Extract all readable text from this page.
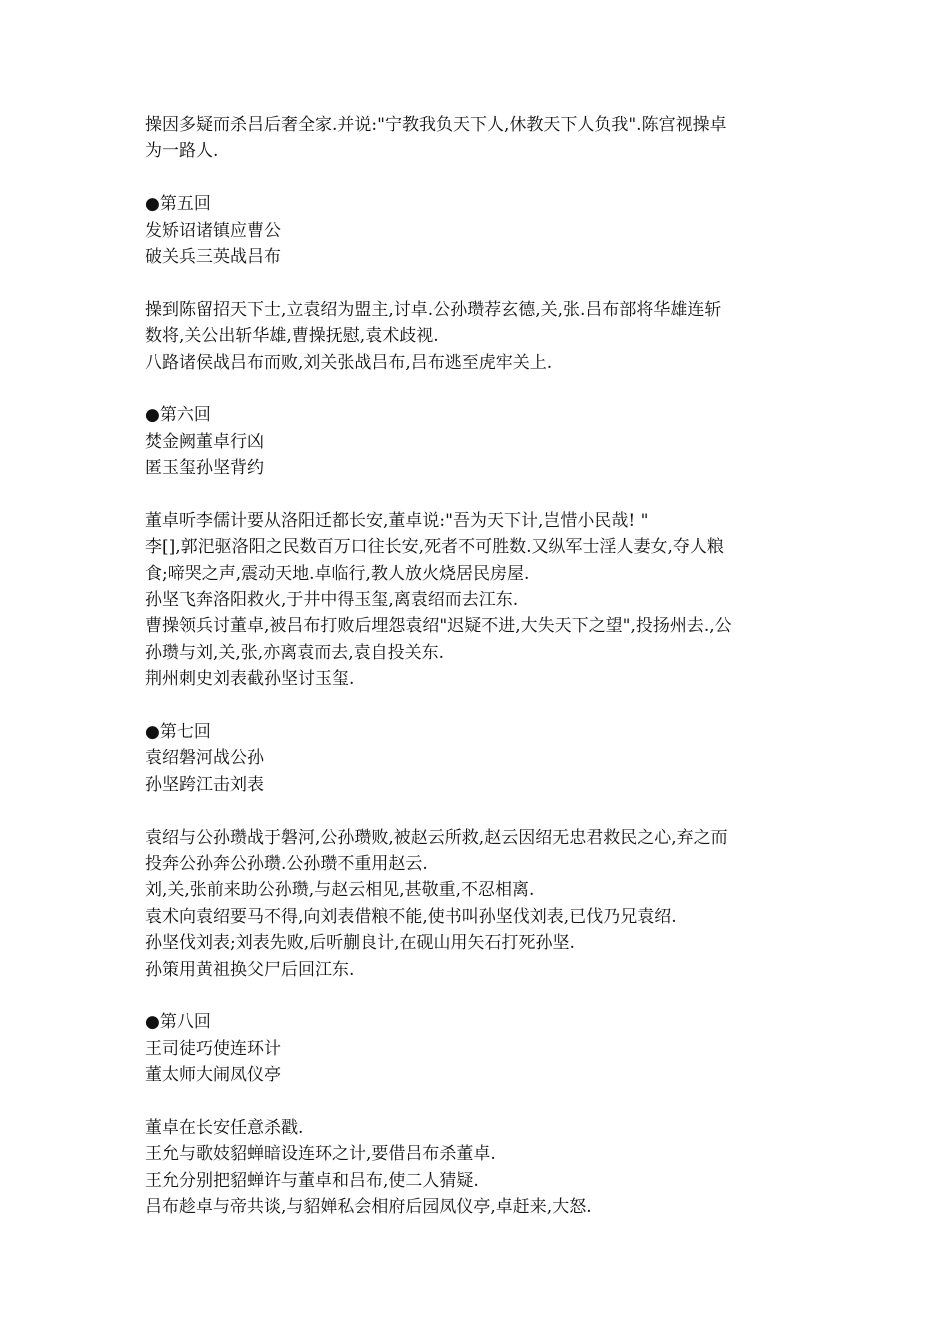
操因多疑而杀吕后奢全家.并说:"宁教我负天下人,休教天下人负我".陈宫视操卓
为一路人.
●第五回
发矫诏诸镇应曹公
破关兵三英战吕布
操到陈留招天下士,立袁绍为盟主,讨卓.公孙瓒荐玄德,关,张.吕布部将华雄连斩
数将,关公出斩华雄,曹操抚慰,袁术歧视.
八路诸侯战吕布而败,刘关张战吕布,吕布逃至虎牢关上.
●第六回
焚金阙董卓行凶
匿玉玺孙坚背约
董卓听李儒计要从洛阳迁都长安,董卓说:"吾为天下计,岂惜小民哉! "
李[],郭汜驱洛阳之民数百万口往长安,死者不可胜数.又纵军士淫人妻女,夺人粮
食;啼哭之声,震动天地.卓临行,教人放火烧居民房屋.
孙坚飞奔洛阳救火,于井中得玉玺,离袁绍而去江东.
曹操领兵讨董卓,被吕布打败后埋怨袁绍"迟疑不进,大失天下之望",投扬州去.,公
孙瓒与刘,关,张,亦离袁而去,袁自投关东.
荆州刺史刘表截孙坚讨玉玺.
●第七回
袁绍磐河战公孙
孙坚跨江击刘表
袁绍与公孙瓒战于磐河,公孙瓒败,被赵云所救,赵云因绍无忠君救民之心,弃之而
投奔公孙奔公孙瓒.公孙瓒不重用赵云.
刘,关,张前来助公孙瓒,与赵云相见,甚敬重,不忍相离.
袁术向袁绍要马不得,向刘表借粮不能,使书叫孙坚伐刘表,已伐乃兄袁绍.
孙坚伐刘表;刘表先败,后听蒯良计,在砚山用矢石打死孙坚.
孙策用黄祖换父尸后回江东.
●第八回
王司徒巧使连环计
董太师大闹凤仪亭
董卓在长安任意杀戳.
王允与歌妓貂蝉暗设连环之计,要借吕布杀董卓.
王允分别把貂蝉许与董卓和吕布,使二人猜疑.
吕布趁卓与帝共谈,与貂婵私会相府后园凤仪亭,卓赶来,大怒.
